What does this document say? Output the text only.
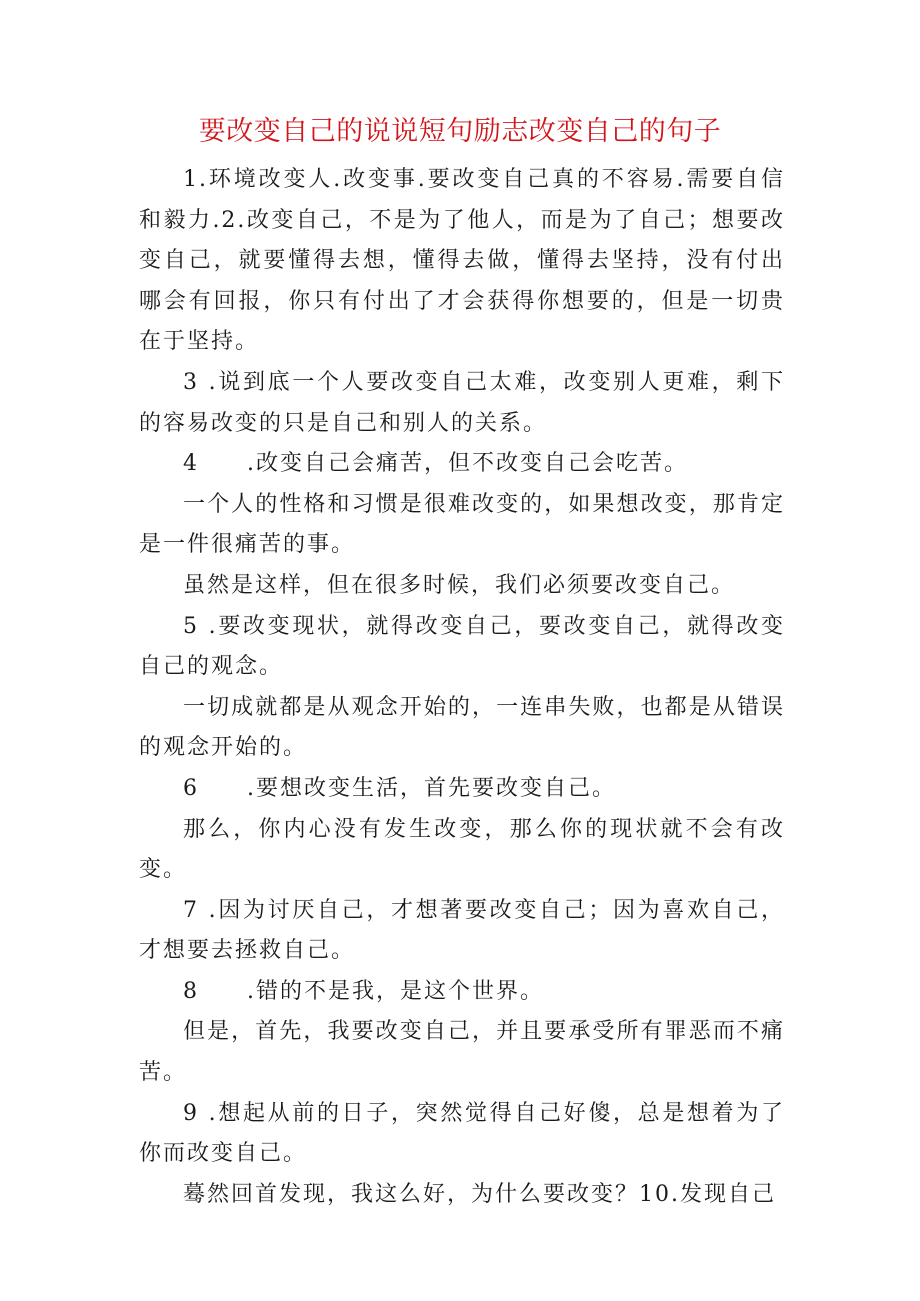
要改变自己的说说短句励志改变自己的句子

1.环境改变人.改变事.要改变自己真的不容易.需要自信和毅力.2.改变自己，不是为了他人，而是为了自己；想要改变自己，就要懂得去想，懂得去做，懂得去坚持，没有付出哪会有回报，你只有付出了才会获得你想要的，但是一切贵在于坚持。

3 .说到底一个人要改变自己太难，改变别人更难，剩下的容易改变的只是自己和别人的关系。

4　　.改变自己会痛苦，但不改变自己会吃苦。

一个人的性格和习惯是很难改变的，如果想改变，那肯定是一件很痛苦的事。

虽然是这样，但在很多时候，我们必须要改变自己。

5 .要改变现状，就得改变自己，要改变自己，就得改变自己的观念。

一切成就都是从观念开始的，一连串失败，也都是从错误的观念开始的。

6　　.要想改变生活，首先要改变自己。

那么，你内心没有发生改变，那么你的现状就不会有改变。

7 .因为讨厌自己，才想著要改变自己；因为喜欢自己，才想要去拯救自己。

8　　.错的不是我，是这个世界。

但是，首先，我要改变自己，并且要承受所有罪恶而不痛苦。

9 .想起从前的日子，突然觉得自己好傻，总是想着为了你而改变自己。

蓦然回首发现，我这么好，为什么要改变？10.发现自己
